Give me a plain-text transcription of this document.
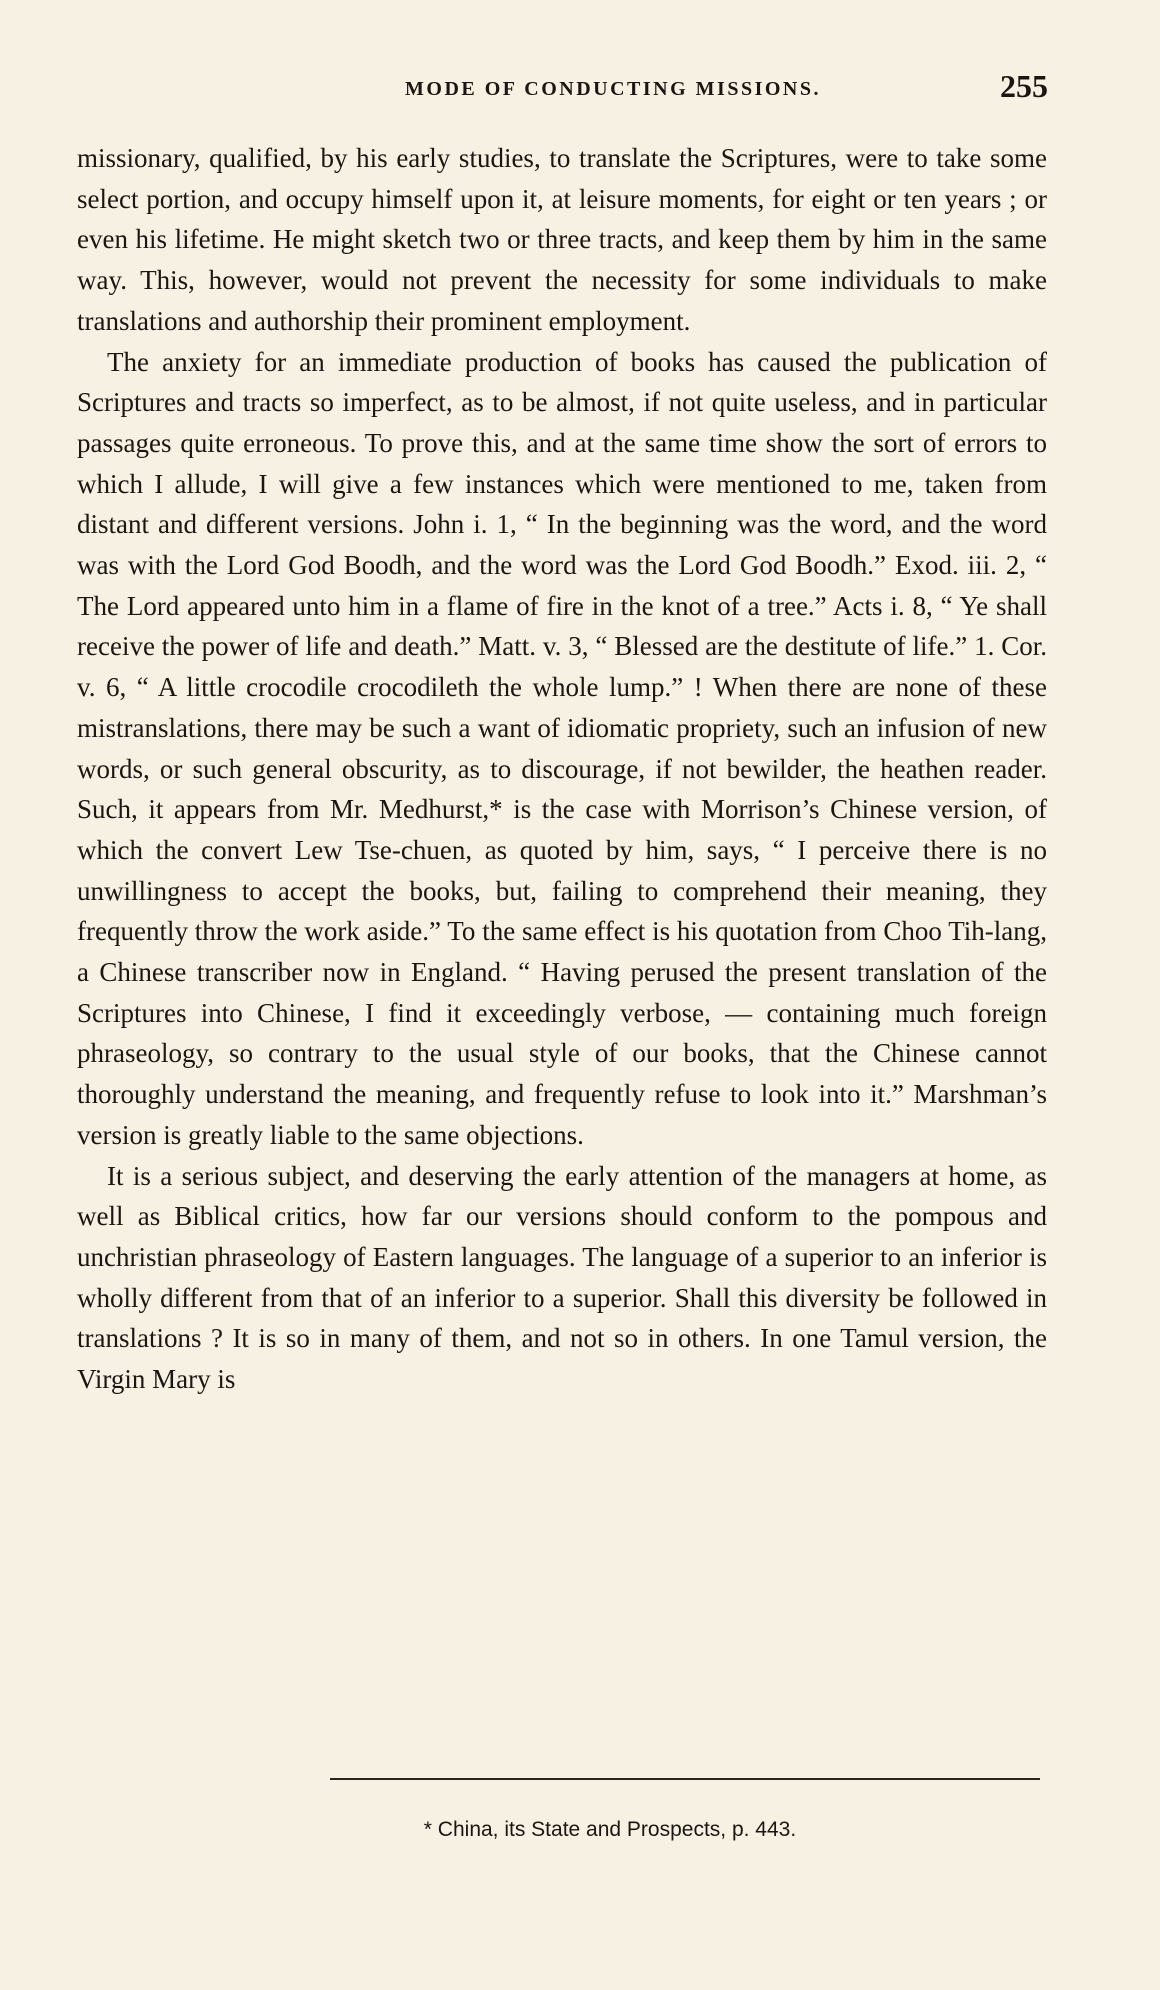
MODE OF CONDUCTING MISSIONS.	255

missionary, qualified, by his early studies, to translate the Scriptures, were to take some select portion, and occupy himself upon it, at leisure moments, for eight or ten years ; or even his lifetime. He might sketch two or three tracts, and keep them by him in the same way. This, however, would not prevent the necessity for some individuals to make translations and authorship their prominent employment.

The anxiety for an immediate production of books has caused the publication of Scriptures and tracts so imperfect, as to be almost, if not quite useless, and in particular passages quite erroneous. To prove this, and at the same time show the sort of errors to which I allude, I will give a few instances which were mentioned to me, taken from distant and different versions. John i. 1, “ In the beginning was the word, and the word was with the Lord God Boodh, and the word was the Lord God Boodh.” Exod. iii. 2, “ The Lord appeared unto him in a flame of fire in the knot of a tree.” Acts i. 8, “ Ye shall receive the power of life and death.” Matt. v. 3, “ Blessed are the destitute of life.” 1. Cor. v. 6, “ A little crocodile crocodileth the whole lump.” ! When there are none of these mistranslations, there may be such a want of idiomatic propriety, such an infusion of new words, or such general obscurity, as to discourage, if not bewilder, the heathen reader. Such, it appears from Mr. Medhurst,* is the case with Morrison’s Chinese version, of which the convert Lew Tse-chuen, as quoted by him, says, “ I perceive there is no unwillingness to accept the books, but, failing to comprehend their meaning, they frequently throw the work aside.” To the same effect is his quotation from Choo Tih-lang, a Chinese transcriber now in England. “ Having perused the present translation of the Scriptures into Chinese, I find it exceedingly verbose, — containing much foreign phraseology, so contrary to the usual style of our books, that the Chinese cannot thoroughly understand the meaning, and frequently refuse to look into it.” Marshman’s version is greatly liable to the same objections.

It is a serious subject, and deserving the early attention of the managers at home, as well as Biblical critics, how far our versions should conform to the pompous and unchristian phraseology of Eastern languages. The language of a superior to an inferior is wholly different from that of an inferior to a superior. Shall this diversity be followed in translations ? It is so in many of them, and not so in others. In one Tamul version, the Virgin Mary is

* China, its State and Prospects, p. 443.
